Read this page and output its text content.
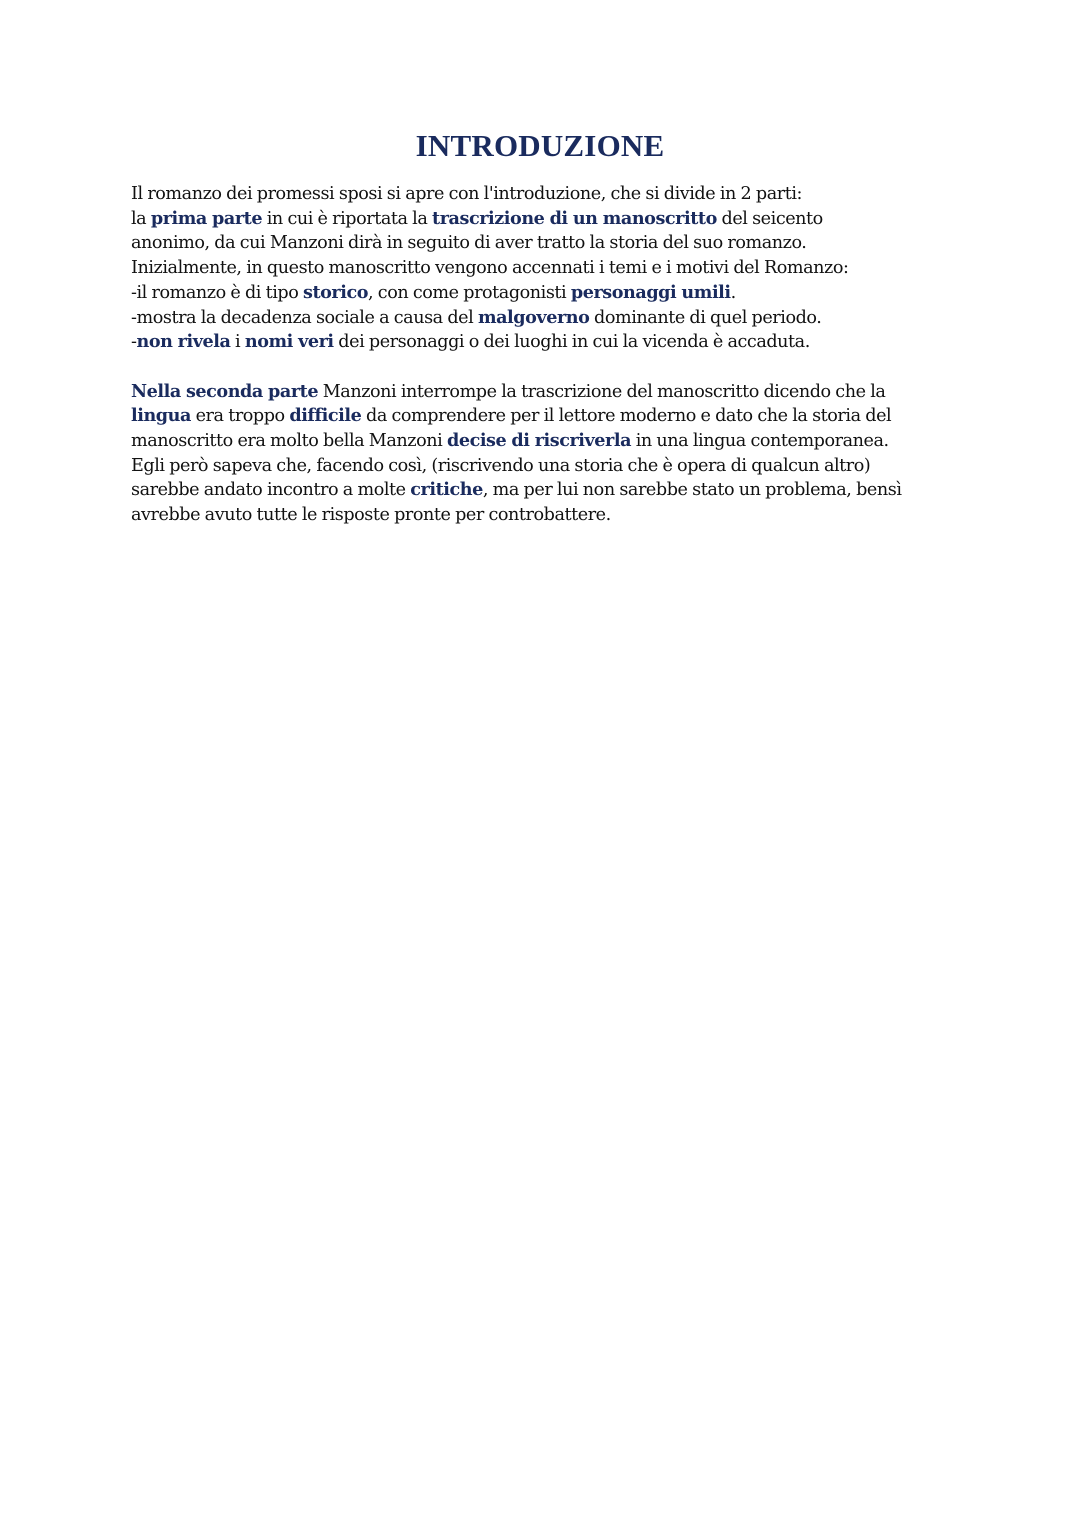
INTRODUZIONE
Il romanzo dei promessi sposi si apre con l'introduzione, che si divide in 2 parti:
la prima parte in cui è riportata la trascrizione di un manoscritto del seicento
anonimo, da cui Manzoni dirà in seguito di aver tratto la storia del suo romanzo.
Inizialmente, in questo manoscritto vengono accennati i temi e i motivi del Romanzo:
-il romanzo è di tipo storico, con come protagonisti personaggi umili.
-mostra la decadenza sociale a causa del malgoverno dominante di quel periodo.
-non rivela i nomi veri dei personaggi o dei luoghi in cui la vicenda è accaduta.
Nella seconda parte Manzoni interrompe la trascrizione del manoscritto dicendo che la
lingua era troppo difficile da comprendere per il lettore moderno e dato che la storia del
manoscritto era molto bella Manzoni decise di riscriverla in una lingua contemporanea.
Egli però sapeva che, facendo così, (riscrivendo una storia che è opera di qualcun altro)
sarebbe andato incontro a molte critiche, ma per lui non sarebbe stato un problema, bensì
avrebbe avuto tutte le risposte pronte per controbattere.
